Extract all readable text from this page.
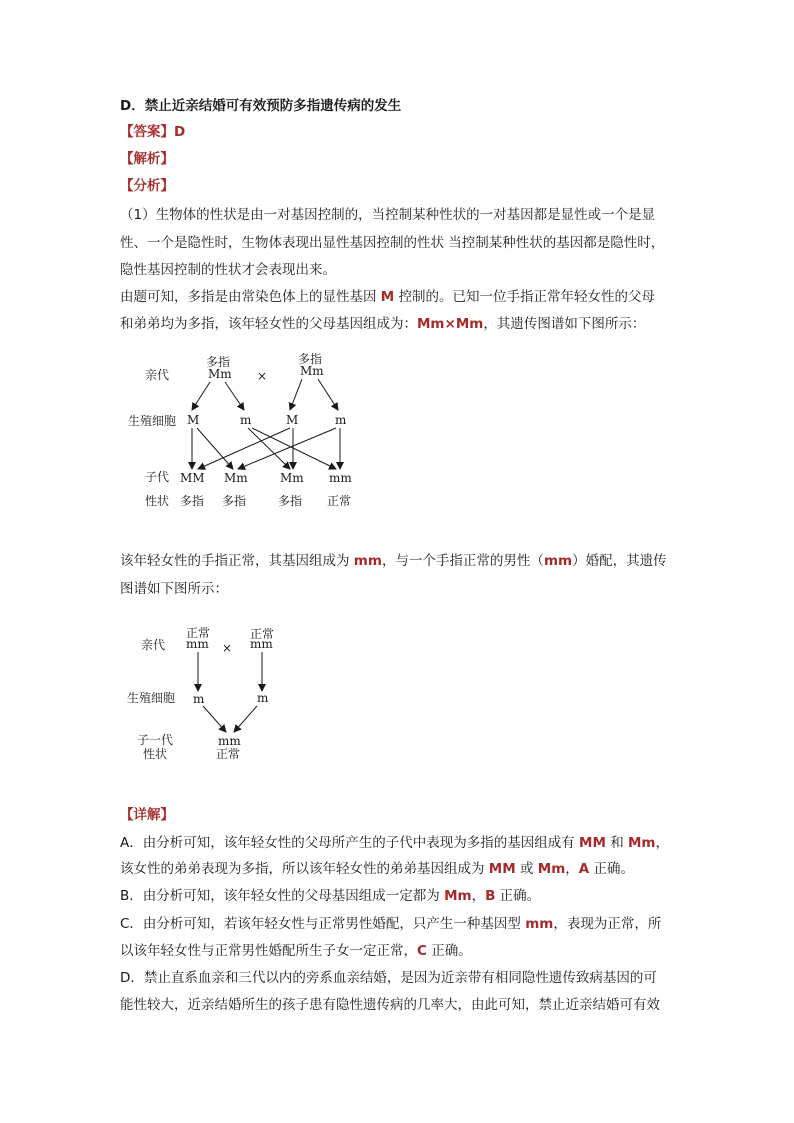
D．禁止近亲结婚可有效预防多指遗传病的发生
【答案】D
【解析】
【分析】
（1）生物体的性状是由一对基因控制的，当控制某种性状的一对基因都是显性或一个是显
性、一个是隐性时，生物体表现出显性基因控制的性状 当控制某种性状的基因都是隐性时，
隐性基因控制的性状才会表现出来。
由题可知，多指是由常染色体上的显性基因 M 控制的。已知一位手指正常年轻女性的父母
和弟弟均为多指，该年轻女性的父母基因组成为：Mm×Mm，其遗传图谱如下图所示：
亲代
生殖细胞
子代
性状
多指
Mm ×
多指
Mm
M	m	M	m
MM Mm	Mm mm
多指 多指	多指 正常
该年轻女性的手指正常，其基因组成为 mm，与一个手指正常的男性（mm）婚配，其遗传
图谱如下图所示：
亲代
生殖细胞
子一代
性状
正常
mm ×
正常
mm
m	m
mm
正常
【详解】
A．由分析可知，该年轻女性的父母所产生的子代中表现为多指的基因组成有 MM 和 Mm，
该女性的弟弟表现为多指，所以该年轻女性的弟弟基因组成为 MM 或 Mm，A 正确。
B．由分析可知，该年轻女性的父母基因组成一定都为 Mm，B 正确。
C．由分析可知，若该年轻女性与正常男性婚配，只产生一种基因型 mm，表现为正常，所
以该年轻女性与正常男性婚配所生子女一定正常，C 正确。
D．禁止直系血亲和三代以内的旁系血亲结婚，是因为近亲带有相同隐性遗传致病基因的可
能性较大，近亲结婚所生的孩子患有隐性遗传病的几率大，由此可知，禁止近亲结婚可有效
